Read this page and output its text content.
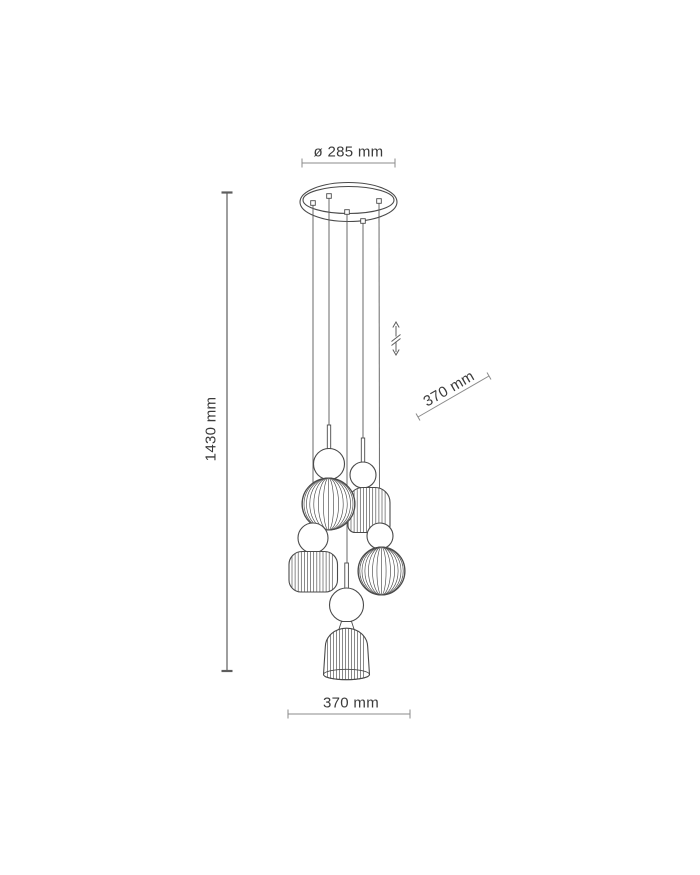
ø 285 mm
1430 mm
370 mm
370 mm
